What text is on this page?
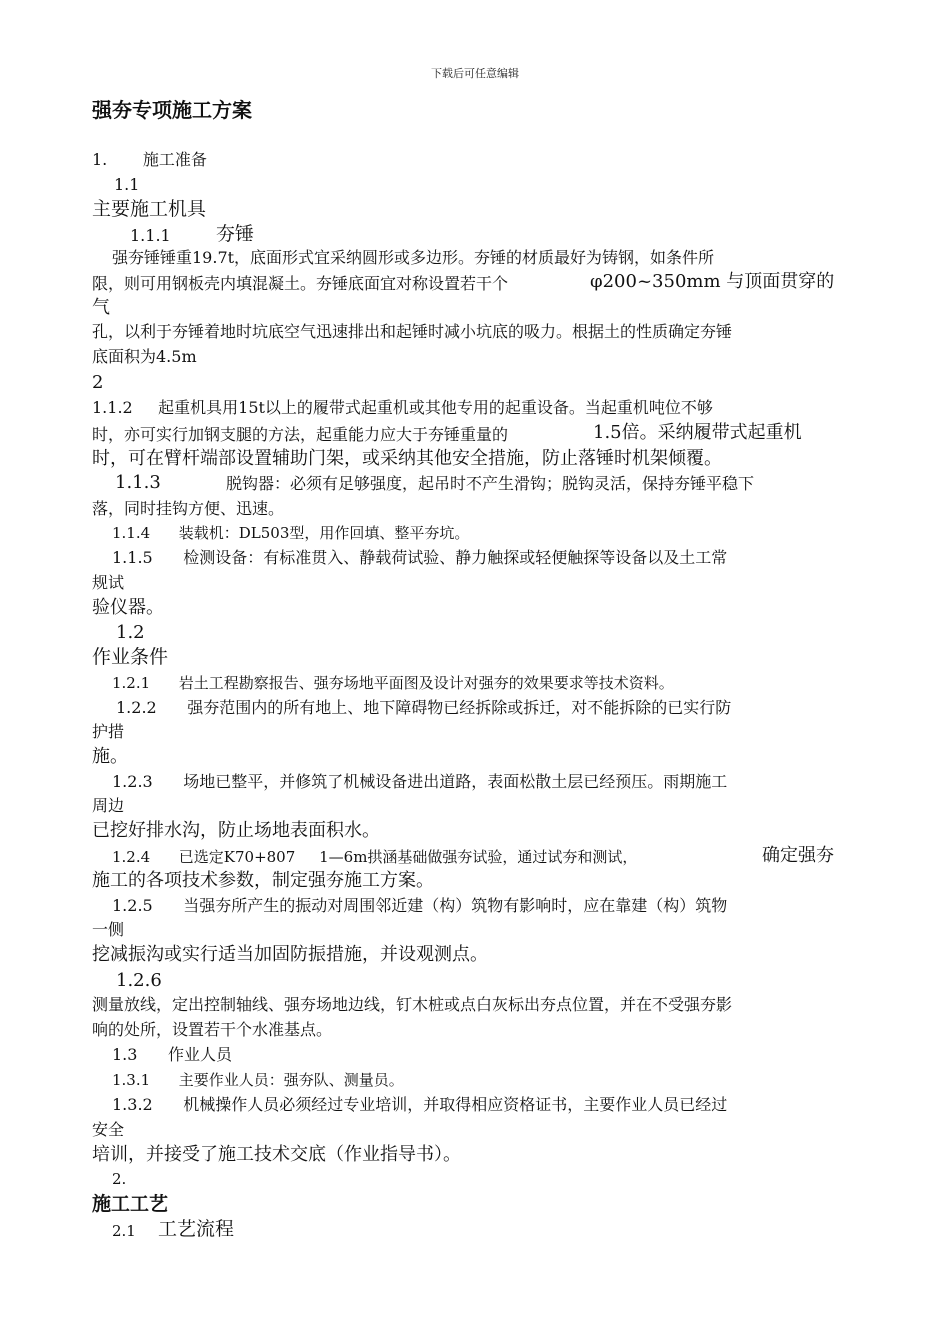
下载后可任意编辑
强夯专项施工方案
1.       施工准备
1.1
主要施工机具
1.1.1 夯锤
强夯锤锤重19.7t，底面形式宜采纳圆形或多边形。夯锤的材质最好为铸钢，如条件所
限，则可用钢板壳内填混凝土。夯锤底面宜对称设置若干个	φ200~350mm 与顶面贯穿的
气
孔，以利于夯锤着地时坑底空气迅速排出和起锤时减小坑底的吸力。根据土的性质确定夯锤
底面积为4.5m
2
1.1.2     起重机具用15t以上的履带式起重机或其他专用的起重设备。当起重机吨位不够
时，亦可实行加钢支腿的方法，起重能力应大于夯锤重量的	1.5倍。采纳履带式起重机
时，可在臂杆端部设置辅助门架，或采纳其他安全措施，防止落锤时机架倾覆。
1.1.3	脱钩器：必须有足够强度，起吊时不产生滑钩；脱钩灵活，保持夯锤平稳下
落，同时挂钩方便、迅速。
1.1.4      装载机：DL503型，用作回填、整平夯坑。
1.1.5      检测设备：有标准贯入、静载荷试验、静力触探或轻便触探等设备以及土工常
规试
验仪器。
1.2
作业条件
1.2.1      岩土工程勘察报告、强夯场地平面图及设计对强夯的效果要求等技术资料。
1.2.2      强夯范围内的所有地上、地下障碍物已经拆除或拆迁，对不能拆除的已实行防
护措
施。
1.2.3      场地已整平，并修筑了机械设备进出道路，表面松散土层已经预压。雨期施工
周边
已挖好排水沟，防止场地表面积水。
1.2.4      已选定K70+807     1—6m拱涵基础做强夯试验，通过试夯和测试，	确定强夯
施工的各项技术参数，制定强夯施工方案。
1.2.5      当强夯所产生的振动对周围邻近建（构）筑物有影响时，应在靠建（构）筑物
一侧
挖减振沟或实行适当加固防振措施，并设观测点。
1.2.6
测量放线，定出控制轴线、强夯场地边线，钉木桩或点白灰标出夯点位置，并在不受强夯影
响的处所，设置若干个水准基点。
1.3      作业人员
1.3.1      主要作业人员：强夯队、测量员。
1.3.2      机械操作人员必须经过专业培训，并取得相应资格证书，主要作业人员已经过
安全
培训，并接受了施工技术交底（作业指导书）。
2.
施工工艺
2.1 工艺流程
